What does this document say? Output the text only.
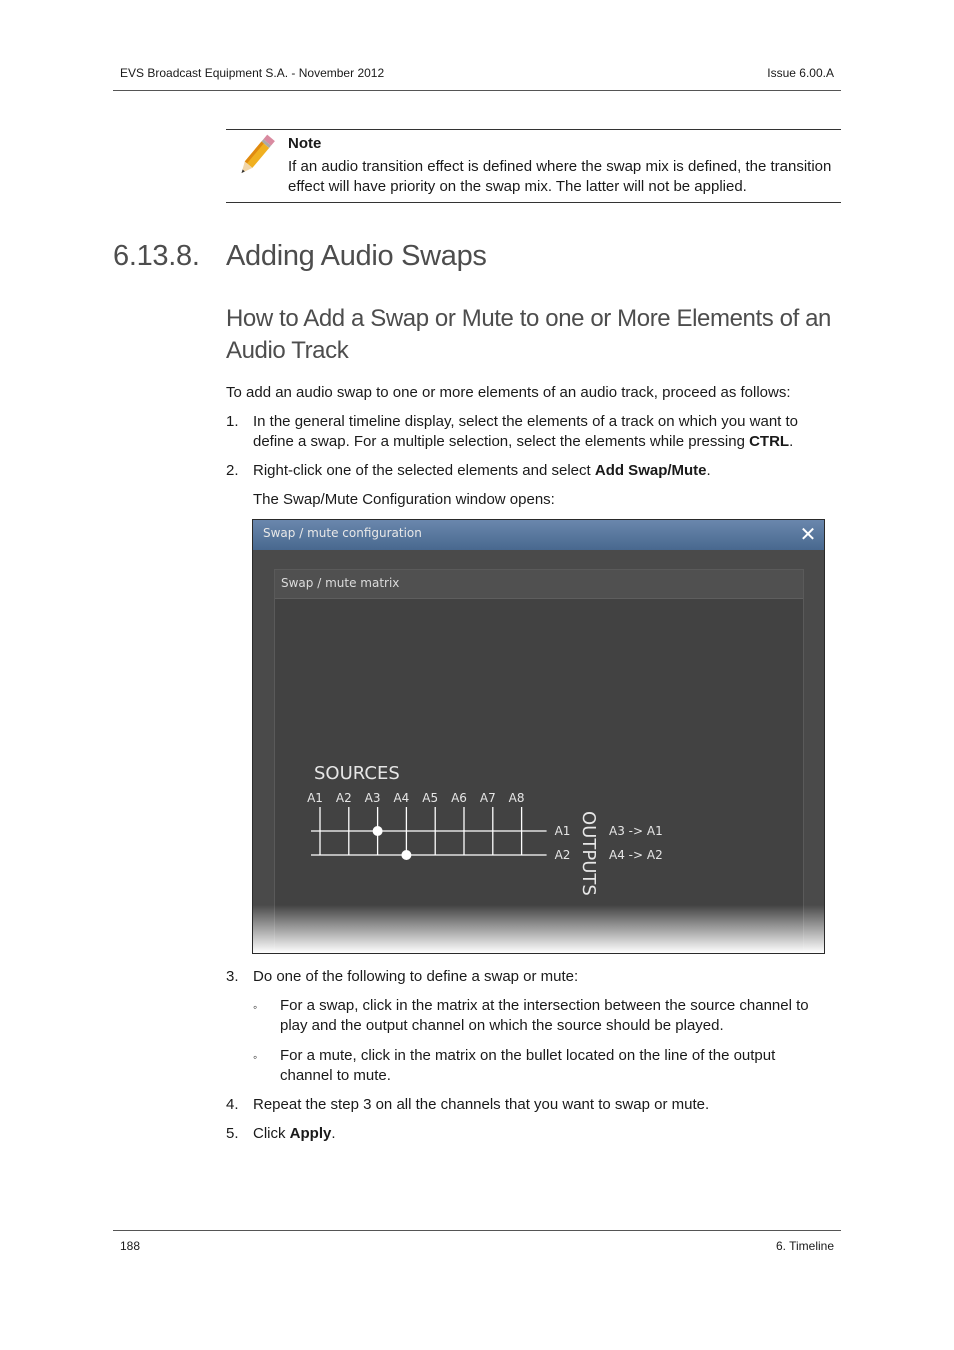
EVS Broadcast Equipment S.A. - November 2012	Issue 6.00.A
Note
If an audio transition effect is defined where the swap mix is defined, the transition effect will have priority on the swap mix. The latter will not be applied.
6.13.8. Adding Audio Swaps
How to Add a Swap or Mute to one or More Elements of an Audio Track
To add an audio swap to one or more elements of an audio track, proceed as follows:
1. In the general timeline display, select the elements of a track on which you want to define a swap. For a multiple selection, select the elements while pressing CTRL.
2. Right-click one of the selected elements and select Add Swap/Mute.
The Swap/Mute Configuration window opens:
Swap / mute configuration	✕
Swap / mute matrix
SOURCES
A1 A2 A3 A4 A5 A6 A7 A8
A1	A3 -> A1
A2	A4 -> A2
OUTPUTS
3. Do one of the following to define a swap or mute:
◦ For a swap, click in the matrix at the intersection between the source channel to play and the output channel on which the source should be played.
◦ For a mute, click in the matrix on the bullet located on the line of the output channel to mute.
4. Repeat the step 3 on all the channels that you want to swap or mute.
5. Click Apply.
188	6. Timeline
